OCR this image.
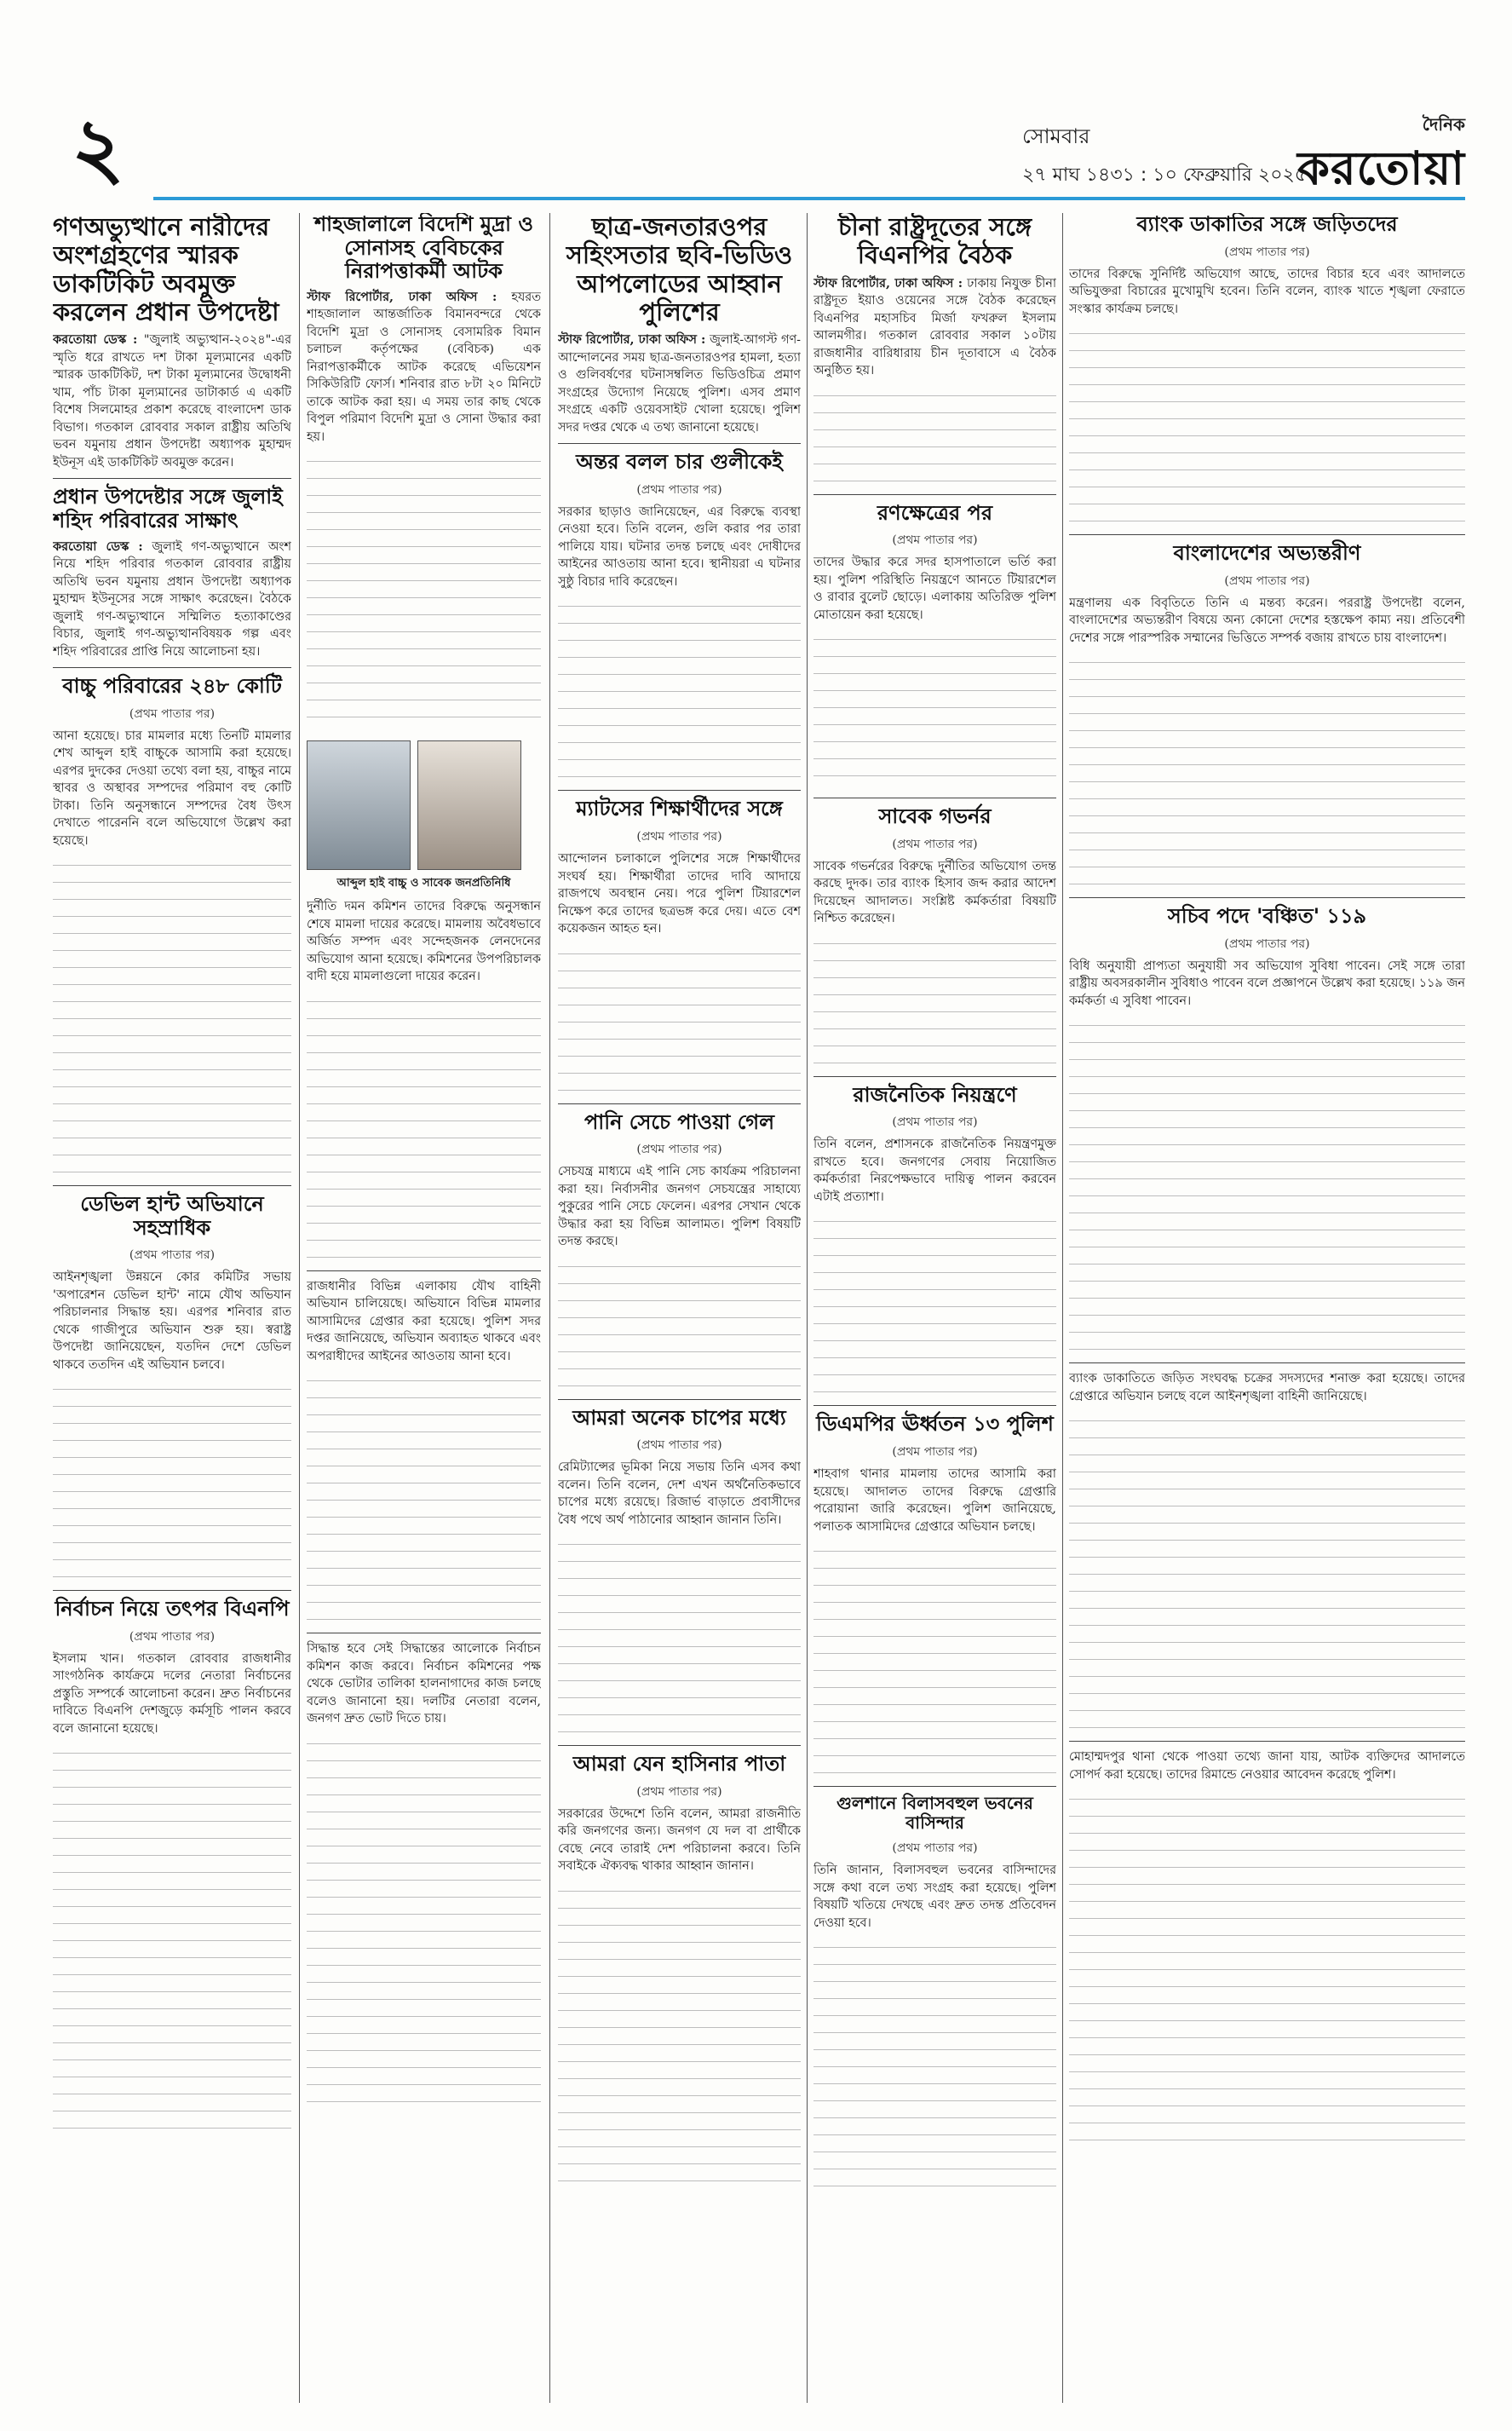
২	সোমবার
২৭ মাঘ ১৪৩১ : ১০ ফেব্রুয়ারি ২০২৫
দৈনিক
করতোয়া
গণঅভ্যুত্থানে নারীদের অংশগ্রহণের স্মারক ডাকটিকিট অবমুক্ত করলেন প্রধান উপদেষ্টা

করতোয়া ডেস্ক : "জুলাই অভ্যুত্থান-২০২৪"-এর স্মৃতি ধরে রাখতে দশ টাকা মূল্যমানের একটি স্মারক ডাকটিকিট, দশ টাকা মূল্যমানের উদ্বোধনী খাম, পাঁচ টাকা মূল্যমানের ডাটাকার্ড এ একটি বিশেষ সিলমোহর প্রকাশ করেছে বাংলাদেশ ডাক বিভাগ। গতকাল রোববার সকাল রাষ্ট্রীয় অতিথি ভবন যমুনায় প্রধান উপদেষ্টা অধ্যাপক মুহাম্মদ ইউনূস এই ডাকটিকিট অবমুক্ত করেন।

প্রধান উপদেষ্টার সঙ্গে জুলাই শহিদ পরিবারের সাক্ষাৎ

করতোয়া ডেস্ক : জুলাই গণ-অভ্যুত্থানে অংশ নিয়ে শহিদ পরিবার গতকাল রোববার রাষ্ট্রীয় অতিথি ভবন যমুনায় প্রধান উপদেষ্টা অধ্যাপক মুহাম্মদ ইউনূসের সঙ্গে সাক্ষাৎ করেছেন। বৈঠকে জুলাই গণ-অভ্যুত্থানে সম্মিলিত হত্যাকাণ্ডের বিচার, জুলাই গণ-অভ্যুত্থানবিষয়ক গল্প এবং শহিদ পরিবারের প্রাপ্তি নিয়ে আলোচনা হয়।

বাচ্চু পরিবারের ২৪৮ কোটি
(প্রথম পাতার পর)

আনা হয়েছে। চার মামলার মধ্যে তিনটি মামলার শেখ আব্দুল হাই বাচ্চুকে আসামি করা হয়েছে। এরপর দুদকের দেওয়া তথ্যে বলা হয়, বাচ্চুর নামে স্থাবর ও অস্থাবর সম্পদের পরিমাণ বহু কোটি টাকা। তিনি অনুসন্ধানে সম্পদের বৈধ উৎস দেখাতে পারেননি বলে অভিযোগে উল্লেখ করা হয়েছে।

ডেভিল হান্ট অভিযানে সহস্রাধিক
(প্রথম পাতার পর)

আইনশৃঙ্খলা উন্নয়নে কোর কমিটির সভায় 'অপারেশন ডেভিল হান্ট' নামে যৌথ অভিযান পরিচালনার সিদ্ধান্ত হয়। এরপর শনিবার রাত থেকে গাজীপুরে অভিযান শুরু হয়। স্বরাষ্ট্র উপদেষ্টা জানিয়েছেন, যতদিন দেশে ডেভিল থাকবে ততদিন এই অভিযান চলবে।

নির্বাচন নিয়ে তৎপর বিএনপি
(প্রথম পাতার পর)

ইসলাম খান। গতকাল রোববার রাজধানীর সাংগঠনিক কার্যক্রমে দলের নেতারা নির্বাচনের প্রস্তুতি সম্পর্কে আলোচনা করেন। দ্রুত নির্বাচনের দাবিতে বিএনপি দেশজুড়ে কর্মসূচি পালন করবে বলে জানানো হয়েছে।

শাহজালালে বিদেশি মুদ্রা ও সোনাসহ বেবিচকের নিরাপত্তাকর্মী আটক

স্টাফ রিপোর্টার, ঢাকা অফিস : হযরত শাহজালাল আন্তর্জাতিক বিমানবন্দরে থেকে বিদেশি মুদ্রা ও সোনাসহ বেসামরিক বিমান চলাচল কর্তৃপক্ষের (বেবিচক) এক নিরাপত্তাকর্মীকে আটক করেছে এভিয়েশন সিকিউরিটি ফোর্স। শনিবার রাত ৮টা ২০ মিনিটে তাকে আটক করা হয়। এ সময় তার কাছ থেকে বিপুল পরিমাণ বিদেশি মুদ্রা ও সোনা উদ্ধার করা হয়।

আব্দুল হাই বাচ্চু ও সাবেক জনপ্রতিনিধি

দুর্নীতি দমন কমিশন তাদের বিরুদ্ধে অনুসন্ধান শেষে মামলা দায়ের করেছে। মামলায় অবৈধভাবে অর্জিত সম্পদ এবং সন্দেহজনক লেনদেনের অভিযোগ আনা হয়েছে। কমিশনের উপপরিচালক বাদী হয়ে মামলাগুলো দায়ের করেন।

রাজধানীর বিভিন্ন এলাকায় যৌথ বাহিনী অভিযান চালিয়েছে। অভিযানে বিভিন্ন মামলার আসামিদের গ্রেপ্তার করা হয়েছে। পুলিশ সদর দপ্তর জানিয়েছে, অভিযান অব্যাহত থাকবে এবং অপরাধীদের আইনের আওতায় আনা হবে।

সিদ্ধান্ত হবে সেই সিদ্ধান্তের আলোকে নির্বাচন কমিশন কাজ করবে। নির্বাচন কমিশনের পক্ষ থেকে ভোটার তালিকা হালনাগাদের কাজ চলছে বলেও জানানো হয়। দলটির নেতারা বলেন, জনগণ দ্রুত ভোট দিতে চায়।

ছাত্র-জনতারওপর সহিংসতার ছবি-ভিডিও আপলোডের আহ্বান পুলিশের

স্টাফ রিপোর্টার, ঢাকা অফিস : জুলাই-আগস্ট গণ-আন্দোলনের সময় ছাত্র-জনতারওপর হামলা, হত্যা ও গুলিবর্ষণের ঘটনাসম্বলিত ভিডিওচিত্র প্রমাণ সংগ্রহের উদ্যোগ নিয়েছে পুলিশ। এসব প্রমাণ সংগ্রহে একটি ওয়েবসাইট খোলা হয়েছে। পুলিশ সদর দপ্তর থেকে এ তথ্য জানানো হয়েছে।

অন্তর বলল চার গুলীকেই
(প্রথম পাতার পর)

সরকার ছাড়াও জানিয়েছেন, এর বিরুদ্ধে ব্যবস্থা নেওয়া হবে। তিনি বলেন, গুলি করার পর তারা পালিয়ে যায়। ঘটনার তদন্ত চলছে এবং দোষীদের আইনের আওতায় আনা হবে। স্থানীয়রা এ ঘটনার সুষ্ঠু বিচার দাবি করেছেন।

ম্যাটসের শিক্ষার্থীদের সঙ্গে
(প্রথম পাতার পর)

আন্দোলন চলাকালে পুলিশের সঙ্গে শিক্ষার্থীদের সংঘর্ষ হয়। শিক্ষার্থীরা তাদের দাবি আদায়ে রাজপথে অবস্থান নেয়। পরে পুলিশ টিয়ারশেল নিক্ষেপ করে তাদের ছত্রভঙ্গ করে দেয়। এতে বেশ কয়েকজন আহত হন।

পানি সেচে পাওয়া গেল
(প্রথম পাতার পর)

সেচযন্ত্র মাধ্যমে এই পানি সেচ কার্যক্রম পরিচালনা করা হয়। নির্বাসনীর জনগণ সেচযন্ত্রের সাহায্যে পুকুরের পানি সেচে ফেলেন। এরপর সেখান থেকে উদ্ধার করা হয় বিভিন্ন আলামত। পুলিশ বিষয়টি তদন্ত করছে।

আমরা অনেক চাপের মধ্যে
(প্রথম পাতার পর)

রেমিট্যান্সের ভূমিকা নিয়ে সভায় তিনি এসব কথা বলেন। তিনি বলেন, দেশ এখন অর্থনৈতিকভাবে চাপের মধ্যে রয়েছে। রিজার্ভ বাড়াতে প্রবাসীদের বৈধ পথে অর্থ পাঠানোর আহ্বান জানান তিনি।

আমরা যেন হাসিনার পাতা
(প্রথম পাতার পর)

সরকারের উদ্দেশে তিনি বলেন, আমরা রাজনীতি করি জনগণের জন্য। জনগণ যে দল বা প্রার্থীকে বেছে নেবে তারাই দেশ পরিচালনা করবে। তিনি সবাইকে ঐক্যবদ্ধ থাকার আহ্বান জানান।

চীনা রাষ্ট্রদূতের সঙ্গে বিএনপির বৈঠক

স্টাফ রিপোর্টার, ঢাকা অফিস : ঢাকায় নিযুক্ত চীনা রাষ্ট্রদূত ইয়াও ওয়েনের সঙ্গে বৈঠক করেছেন বিএনপির মহাসচিব মির্জা ফখরুল ইসলাম আলমগীর। গতকাল রোববার সকাল ১০টায় রাজধানীর বারিধারায় চীন দূতাবাসে এ বৈঠক অনুষ্ঠিত হয়।

রণক্ষেত্রের পর
(প্রথম পাতার পর)

তাদের উদ্ধার করে সদর হাসপাতালে ভর্তি করা হয়। পুলিশ পরিস্থিতি নিয়ন্ত্রণে আনতে টিয়ারশেল ও রাবার বুলেট ছোড়ে। এলাকায় অতিরিক্ত পুলিশ মোতায়েন করা হয়েছে।

সাবেক গভর্নর
(প্রথম পাতার পর)

সাবেক গভর্নরের বিরুদ্ধে দুর্নীতির অভিযোগ তদন্ত করছে দুদক। তার ব্যাংক হিসাব জব্দ করার আদেশ দিয়েছেন আদালত। সংশ্লিষ্ট কর্মকর্তারা বিষয়টি নিশ্চিত করেছেন।

রাজনৈতিক নিয়ন্ত্রণে
(প্রথম পাতার পর)

তিনি বলেন, প্রশাসনকে রাজনৈতিক নিয়ন্ত্রণমুক্ত রাখতে হবে। জনগণের সেবায় নিয়োজিত কর্মকর্তারা নিরপেক্ষভাবে দায়িত্ব পালন করবেন এটাই প্রত্যাশা।

ডিএমপির ঊর্ধ্বতন ১৩ পুলিশ
(প্রথম পাতার পর)

শাহবাগ থানার মামলায় তাদের আসামি করা হয়েছে। আদালত তাদের বিরুদ্ধে গ্রেপ্তারি পরোয়ানা জারি করেছেন। পুলিশ জানিয়েছে, পলাতক আসামিদের গ্রেপ্তারে অভিযান চলছে।

গুলশানে বিলাসবহুল ভবনের বাসিন্দার
(প্রথম পাতার পর)

তিনি জানান, বিলাসবহুল ভবনের বাসিন্দাদের সঙ্গে কথা বলে তথ্য সংগ্রহ করা হয়েছে। পুলিশ বিষয়টি খতিয়ে দেখছে এবং দ্রুত তদন্ত প্রতিবেদন দেওয়া হবে।

ব্যাংক ডাকাতির সঙ্গে জড়িতদের
(প্রথম পাতার পর)

তাদের বিরুদ্ধে সুনির্দিষ্ট অভিযোগ আছে, তাদের বিচার হবে এবং আদালতে অভিযুক্তরা বিচারের মুখোমুখি হবেন। তিনি বলেন, ব্যাংক খাতে শৃঙ্খলা ফেরাতে সংস্কার কার্যক্রম চলছে।

বাংলাদেশের অভ্যন্তরীণ
(প্রথম পাতার পর)

মন্ত্রণালয় এক বিবৃতিতে তিনি এ মন্তব্য করেন। পররাষ্ট্র উপদেষ্টা বলেন, বাংলাদেশের অভ্যন্তরীণ বিষয়ে অন্য কোনো দেশের হস্তক্ষেপ কাম্য নয়। প্রতিবেশী দেশের সঙ্গে পারস্পরিক সম্মানের ভিত্তিতে সম্পর্ক বজায় রাখতে চায় বাংলাদেশ।

সচিব পদে 'বঞ্চিত' ১১৯
(প্রথম পাতার পর)

বিধি অনুযায়ী প্রাপ্যতা অনুযায়ী সব অভিযোগ সুবিধা পাবেন। সেই সঙ্গে তারা রাষ্ট্রীয় অবসরকালীন সুবিধাও পাবেন বলে প্রজ্ঞাপনে উল্লেখ করা হয়েছে। ১১৯ জন কর্মকর্তা এ সুবিধা পাবেন।

ব্যাংক ডাকাতিতে জড়িত সংঘবদ্ধ চক্রের সদস্যদের শনাক্ত করা হয়েছে। তাদের গ্রেপ্তারে অভিযান চলছে বলে আইনশৃঙ্খলা বাহিনী জানিয়েছে।

মোহাম্মদপুর থানা থেকে পাওয়া তথ্যে জানা যায়, আটক ব্যক্তিদের আদালতে সোপর্দ করা হয়েছে। তাদের রিমান্ডে নেওয়ার আবেদন করেছে পুলিশ।
